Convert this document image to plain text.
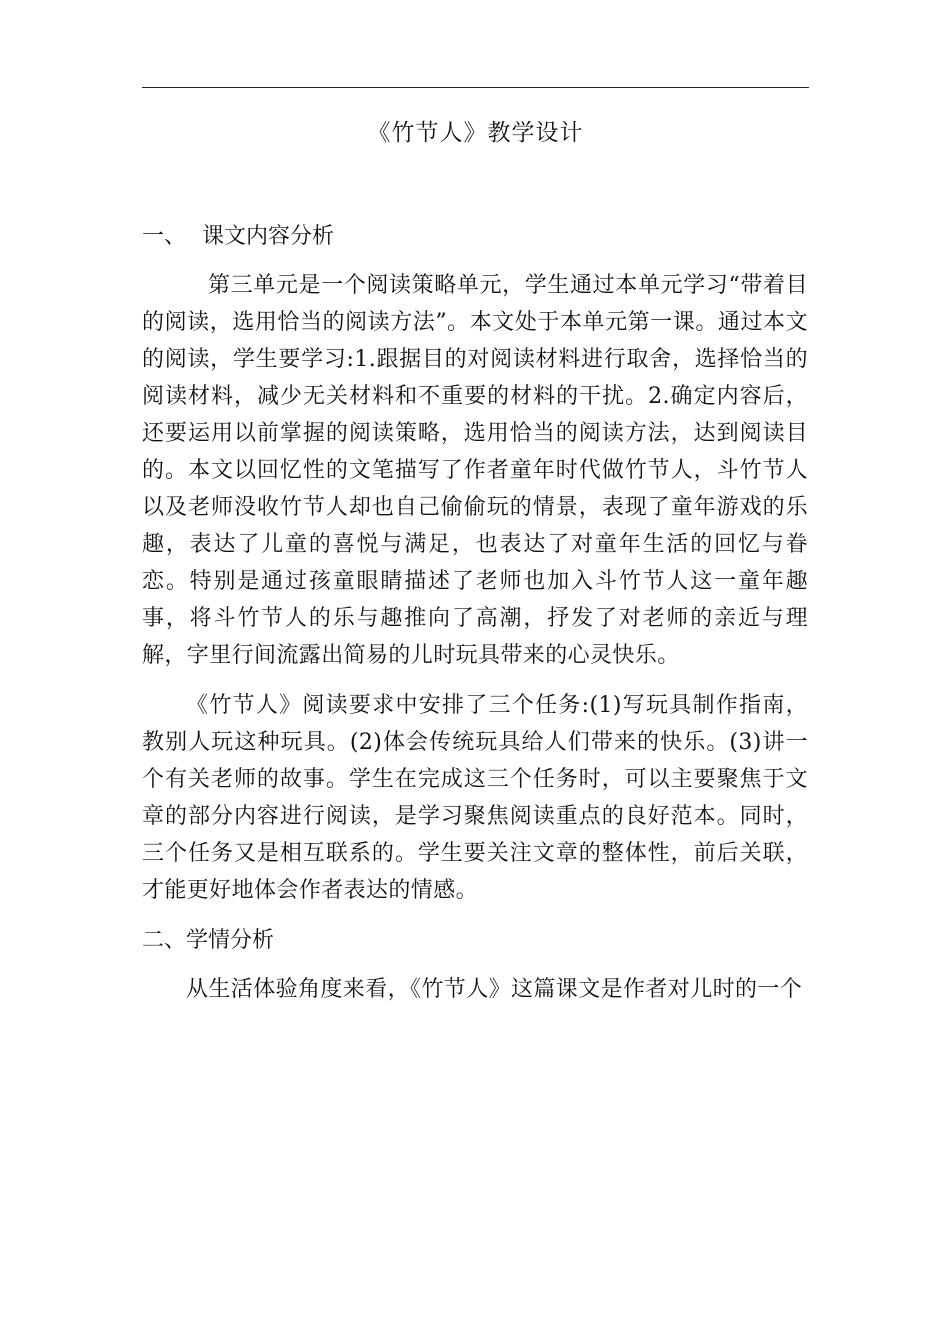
《竹节人》教学设计
一、 课文内容分析

第三单元是一个阅读策略单元，学生通过本单元学习“带着目的阅读，选用恰当的阅读方法”。本文处于本单元第一课。通过本文的阅读，学生要学习:1.跟据目的对阅读材料进行取舍，选择恰当的阅读材料，减少无关材料和不重要的材料的干扰。2.确定内容后，还要运用以前掌握的阅读策略，选用恰当的阅读方法，达到阅读目的。本文以回忆性的文笔描写了作者童年时代做竹节人，斗竹节人以及老师没收竹节人却也自己偷偷玩的情景，表现了童年游戏的乐趣，表达了儿童的喜悦与满足，也表达了对童年生活的回忆与眷恋。特别是通过孩童眼睛描述了老师也加入斗竹节人这一童年趣事，将斗竹节人的乐与趣推向了高潮，抒发了对老师的亲近与理解，字里行间流露出简易的儿时玩具带来的心灵快乐。

《竹节人》阅读要求中安排了三个任务:(1)写玩具制作指南，教别人玩这种玩具。(2)体会传统玩具给人们带来的快乐。(3)讲一个有关老师的故事。学生在完成这三个任务时，可以主要聚焦于文章的部分内容进行阅读，是学习聚焦阅读重点的良好范本。同时，三个任务又是相互联系的。学生要关注文章的整体性，前后关联，才能更好地体会作者表达的情感。

二、学情分析

从生活体验角度来看，《竹节人》这篇课文是作者对儿时的一个
